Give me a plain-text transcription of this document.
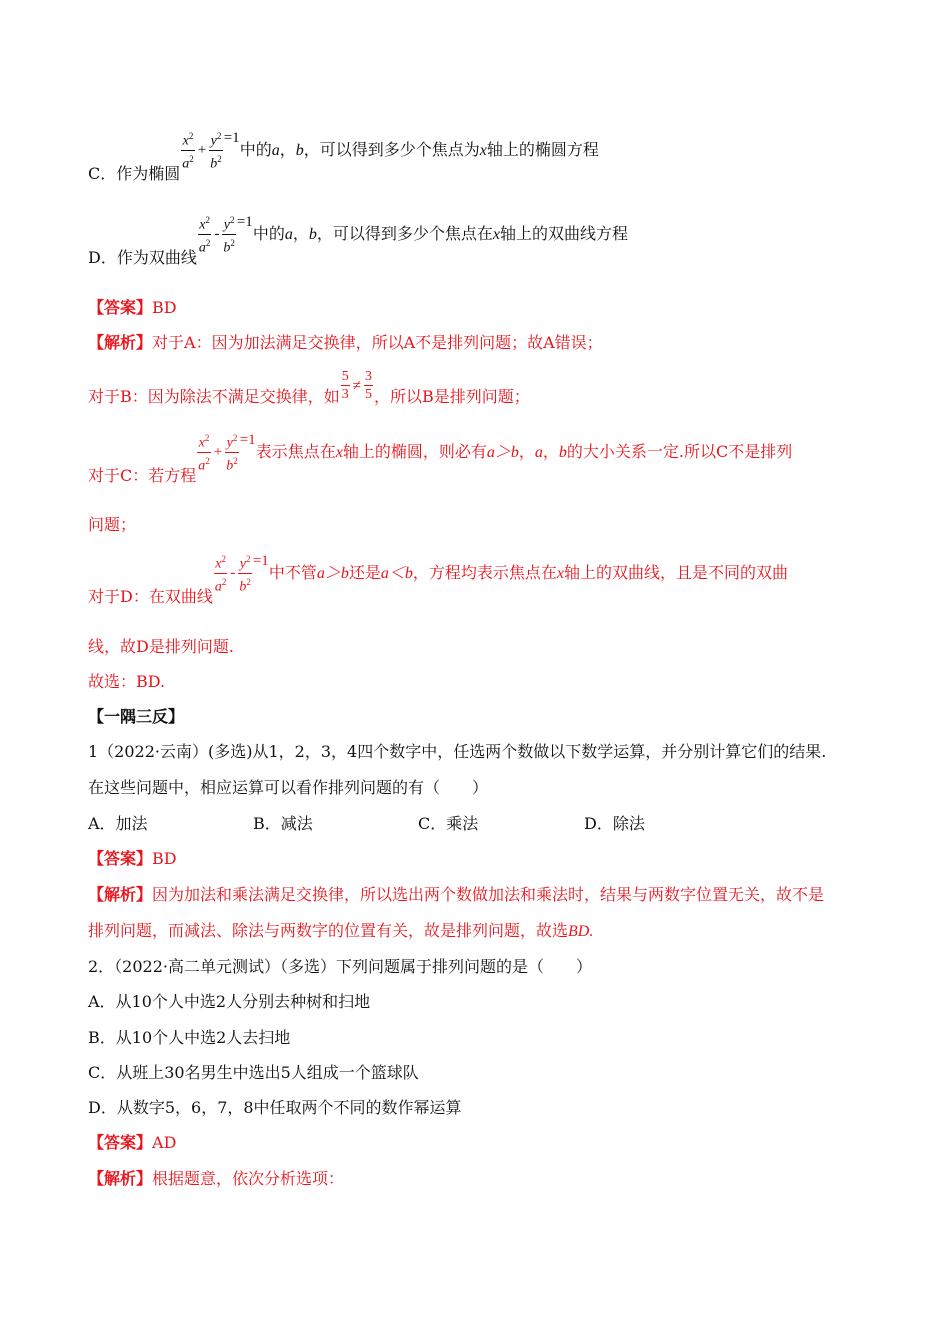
C．作为椭圆
$\frac{x^2}{a^2} + \frac{y^2}{b^2} =1$中的a，b，可以得到多少个焦点为x轴上的椭圆方程
D．作为双曲线
$\frac{x^2}{a^2} - \frac{y^2}{b^2} =1$中的a，b，可以得到多少个焦点在x轴上的双曲线方程
【答案】BD
【解析】对于A：因为加法满足交换律，所以A不是排列问题；故A错误；
对于B：因为除法不满足交换律，如 $\frac{5}{3} \ne \frac{3}{5}$ ，所以B是排列问题；
对于C：若方程
$\frac{x^2}{a^2} + \frac{y^2}{b^2} =1$表示焦点在x轴上的椭圆，则必有a＞b，a，b的大小关系一定.所以C不是排列
问题；
对于D：在双曲线
$\frac{x^2}{a^2} - \frac{y^2}{b^2} =1$中不管a＞b还是a＜b，方程均表示焦点在x轴上的双曲线，且是不同的双曲
线，故D是排列问题.
故选：BD.
【一隅三反】
1（2022·云南）(多选)从1，2，3，4四个数字中，任选两个数做以下数学运算，并分别计算它们的结果.
在这些问题中，相应运算可以看作排列问题的有（　　）
A．加法	B．减法	C．乘法	D．除法
【答案】BD
【解析】因为加法和乘法满足交换律，所以选出两个数做加法和乘法时，结果与两数字位置无关，故不是
排列问题，而减法、除法与两数字的位置有关，故是排列问题，故选BD.
2．（2022·高二单元测试）（多选）下列问题属于排列问题的是（　　）
A．从10个人中选2人分别去种树和扫地
B．从10个人中选2人去扫地
C．从班上30名男生中选出5人组成一个篮球队
D．从数字5，6，7，8中任取两个不同的数作幂运算
【答案】AD
【解析】根据题意，依次分析选项：
